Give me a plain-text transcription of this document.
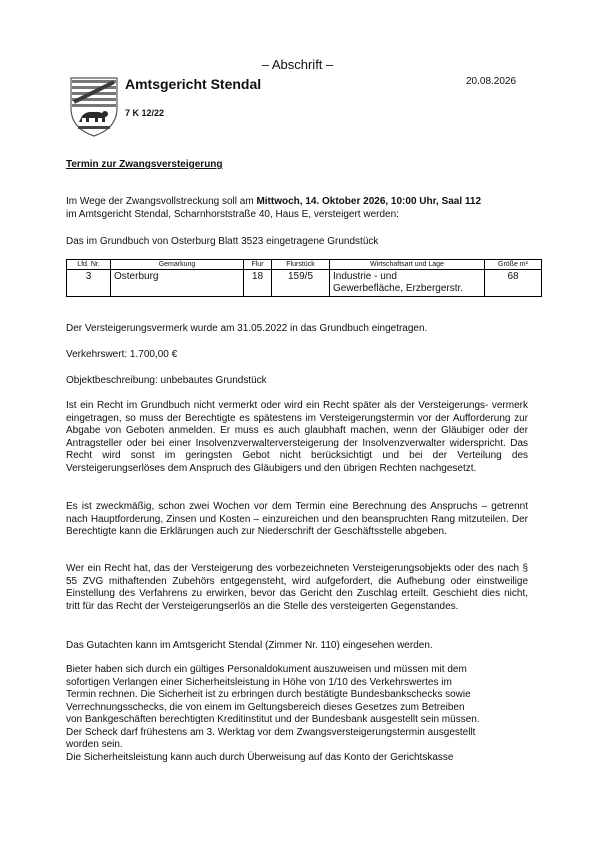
– Abschrift –
Amtsgericht Stendal
7 K 12/22
20.08.2026
Termin zur Zwangsversteigerung
Im Wege der Zwangsvollstreckung soll am Mittwoch, 14. Oktober 2026, 10:00 Uhr, Saal 112
im Amtsgericht Stendal, Scharnhorststraße 40, Haus E, versteigert werden:
Das im Grundbuch von Osterburg Blatt 3523 eingetragene Grundstück
Lfd. Nr.	Gemarkung	Flur	Flurstück	Wirtschaftsart und Lage	Größe m²
3	Osterburg	18	159/5	Industrie - und
Gewerbefläche, Erzbergerstr.	68
Der Versteigerungsvermerk wurde am 31.05.2022 in das Grundbuch eingetragen.
Verkehrswert: 1.700,00 €
Objektbeschreibung: unbebautes Grundstück
Ist ein Recht im Grundbuch nicht vermerkt oder wird ein Recht später als der Versteigerungs- vermerk eingetragen, so muss der Berechtigte es spätestens im Versteigerungstermin vor der Aufforderung zur Abgabe von Geboten anmelden. Er muss es auch glaubhaft machen, wenn der Gläubiger oder der Antragsteller oder bei einer Insolvenzverwalterversteigerung der Insolvenzverwalter widerspricht. Das Recht wird sonst im geringsten Gebot nicht berücksichtigt und bei der Verteilung des Versteigerungserlöses dem Anspruch des Gläubigers und den übrigen Rechten nachgesetzt.
Es ist zweckmäßig, schon zwei Wochen vor dem Termin eine Berechnung des Anspruchs – getrennt nach Hauptforderung, Zinsen und Kosten – einzureichen und den beanspruchten Rang mitzuteilen. Der Berechtigte kann die Erklärungen auch zur Niederschrift der Geschäftsstelle abgeben.
Wer ein Recht hat, das der Versteigerung des vorbezeichneten Versteigerungsobjekts oder des nach § 55 ZVG mithaftenden Zubehörs entgegensteht, wird aufgefordert, die Aufhebung oder einstweilige Einstellung des Verfahrens zu erwirken, bevor das Gericht den Zuschlag erteilt. Geschieht dies nicht, tritt für das Recht der Versteigerungserlös an die Stelle des versteigerten Gegenstandes.
Das Gutachten kann im Amtsgericht Stendal (Zimmer Nr. 110) eingesehen werden.
Bieter haben sich durch ein gültiges Personaldokument auszuweisen und müssen mit dem
sofortigen Verlangen einer Sicherheitsleistung in Höhe von 1/10 des Verkehrswertes im
Termin rechnen. Die Sicherheit ist zu erbringen durch bestätigte Bundesbankschecks sowie
Verrechnungsschecks, die von einem im Geltungsbereich dieses Gesetzes zum Betreiben
von Bankgeschäften berechtigten Kreditinstitut und der Bundesbank ausgestellt sein müssen.
Der Scheck darf frühestens am 3. Werktag vor dem Zwangsversteigerungstermin ausgestellt
worden sein.
Die Sicherheitsleistung kann auch durch Überweisung auf das Konto der Gerichtskasse
